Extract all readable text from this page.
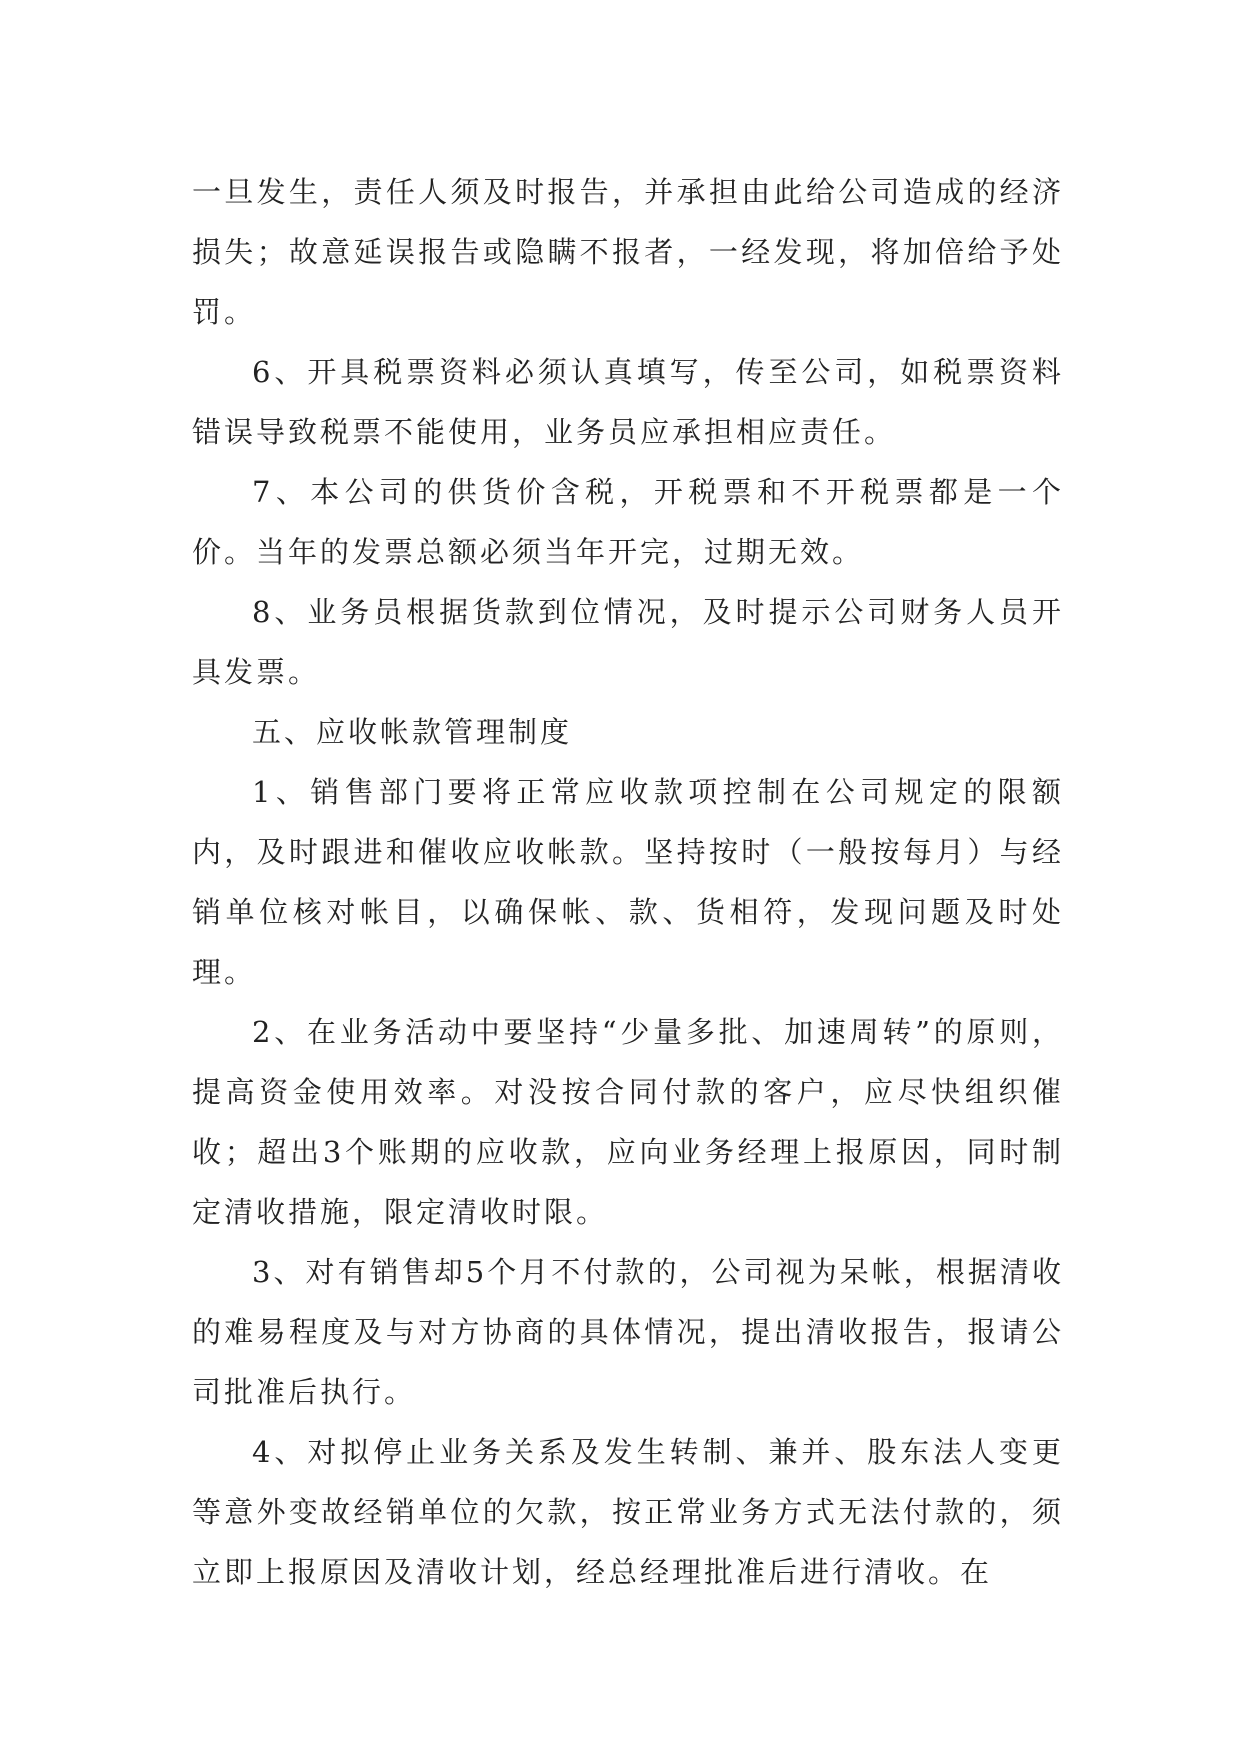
一旦发生，责任人须及时报告，并承担由此给公司造成的经济损失；故意延误报告或隐瞒不报者，一经发现，将加倍给予处罚。

6、开具税票资料必须认真填写，传至公司，如税票资料错误导致税票不能使用，业务员应承担相应责任。

7、本公司的供货价含税，开税票和不开税票都是一个价。当年的发票总额必须当年开完，过期无效。

8、业务员根据货款到位情况，及时提示公司财务人员开具发票。

五、应收帐款管理制度

1、销售部门要将正常应收款项控制在公司规定的限额内，及时跟进和催收应收帐款。坚持按时（一般按每月）与经销单位核对帐目，以确保帐、款、货相符，发现问题及时处理。

2、在业务活动中要坚持“少量多批、加速周转”的原则，提高资金使用效率。对没按合同付款的客户，应尽快组织催收；超出3个账期的应收款，应向业务经理上报原因，同时制定清收措施，限定清收时限。

3、对有销售却5个月不付款的，公司视为呆帐，根据清收的难易程度及与对方协商的具体情况，提出清收报告，报请公司批准后执行。

4、对拟停止业务关系及发生转制、兼并、股东法人变更等意外变故经销单位的欠款，按正常业务方式无法付款的，须立即上报原因及清收计划，经总经理批准后进行清收。在
